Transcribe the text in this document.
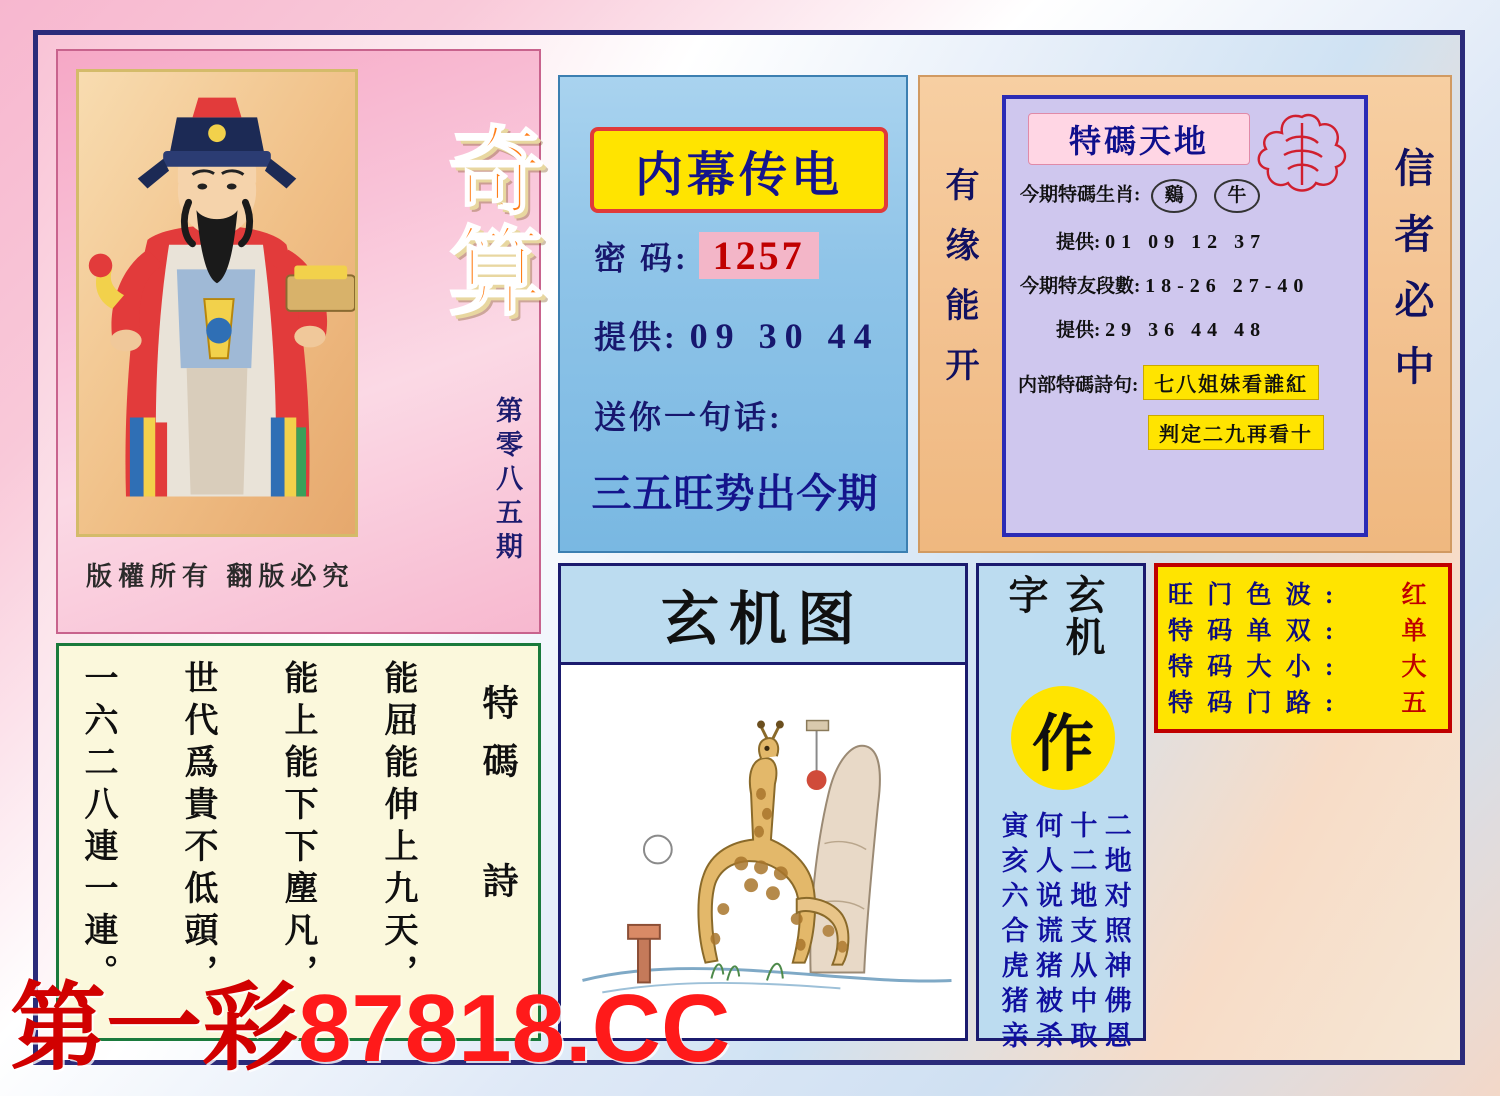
奇算
第零八五期
版權所有 翻版必究
特碼 詩
能屈能伸上九天，
能上能下下塵凡，
世代爲貴不低頭，
一六二八連一連。
内幕传电
密 码: 1257
提供: 09 30 44
送你一句话:
三五旺势出今期
有缘能开	信者必中
特碼天地
今期特碼生肖: 鷄 牛
提供: 01 09 12 37
今期特友段數: 18-26 27-40
提供: 29 36 44 48
内部特碼詩句: 七八姐妹看誰紅
判定二九再看十
玄机图	玄机字
作
二地对照神佛恩
十二地支从中取
何人说谎猪被杀
寅亥六合虎猪亲
旺 门 色 波 :	红
特 码 单 双 :	单
特 码 大 小 :	大
特 码 门 路 :	五
第一彩87818.CC
